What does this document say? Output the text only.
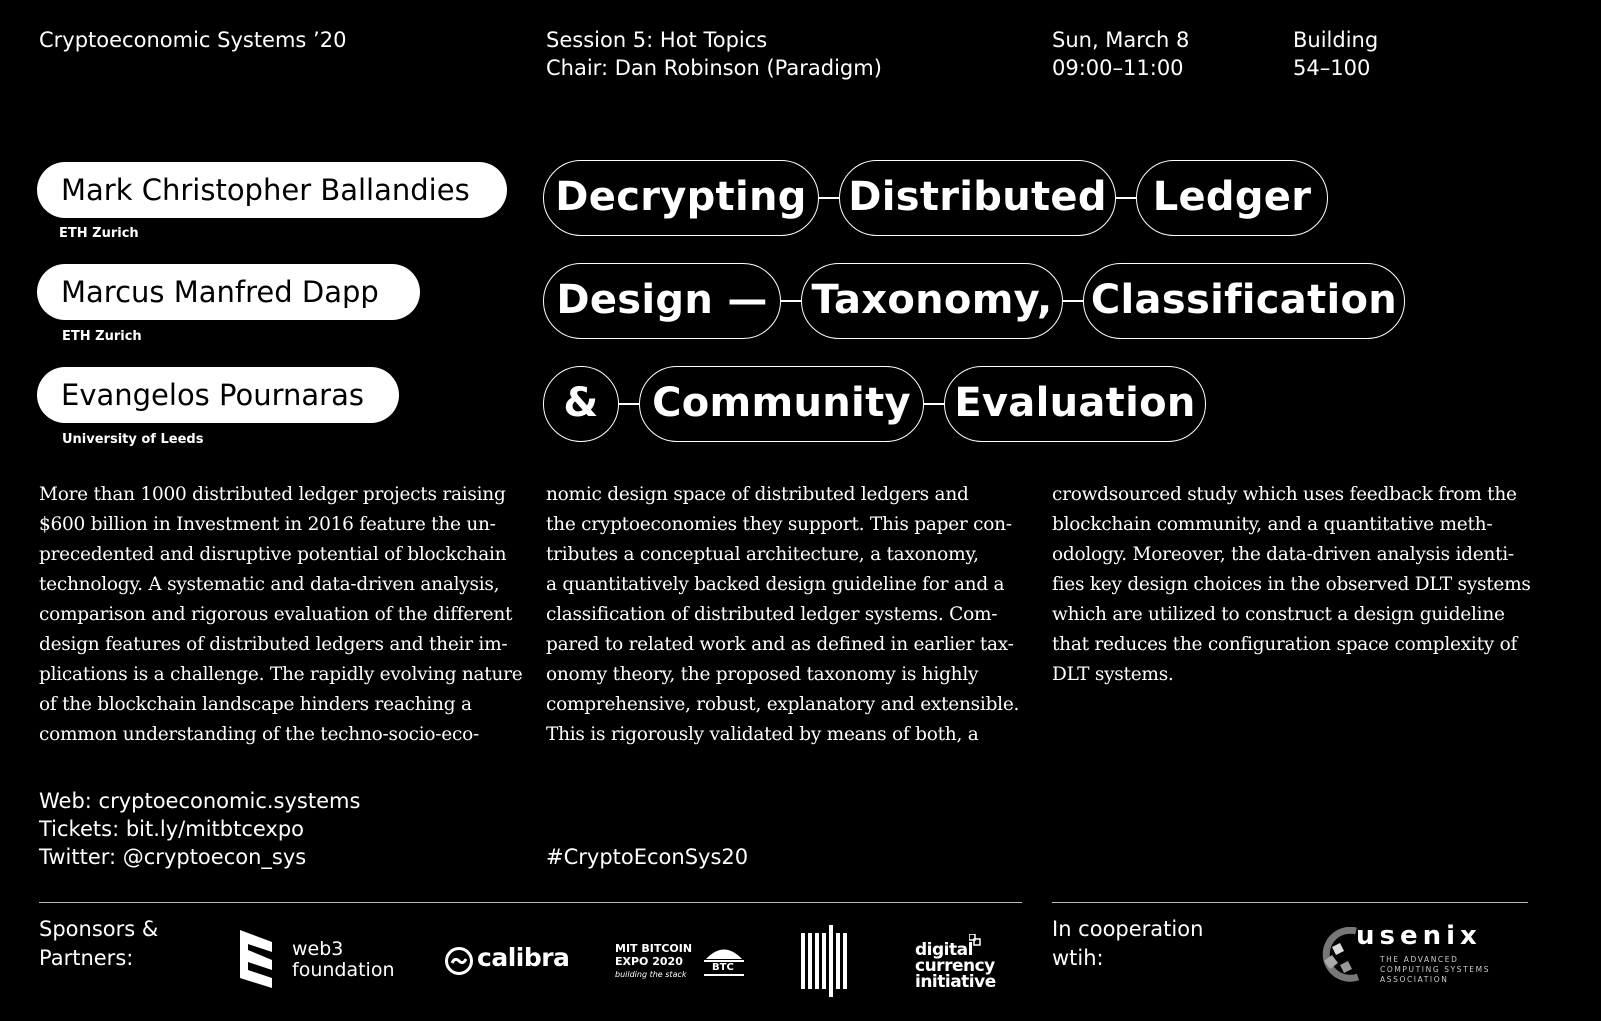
Cryptoeconomic Systems ’20	Session 5: Hot Topics
Chair: Dan Robinson (Paradigm)
Sun, March 8
09:00–11:00
Building
54–100
Mark Christopher Ballandies
ETH Zurich
Marcus Manfred Dapp
ETH Zurich
Evangelos Pournaras
University of Leeds
Decrypting	Distributed	Ledger
Design —	Taxonomy, Classification
&	Community	Evaluation
More than 1000 distributed ledger projects raising
$600 billion in Investment in 2016 feature the un-
precedented and disruptive potential of blockchain
technology. A systematic and data-driven analysis,
comparison and rigorous evaluation of the different
design features of distributed ledgers and their im-
plications is a challenge. The rapidly evolving nature
of the blockchain landscape hinders reaching a
common understanding of the techno-socio-eco-
nomic design space of distributed ledgers and
the cryptoeconomies they support. This paper con-
tributes a conceptual architecture, a taxonomy,
a quantitatively backed design guideline for and a
classification of distributed ledger systems. Com-
pared to related work and as defined in earlier tax-
onomy theory, the proposed taxonomy is highly
comprehensive, robust, explanatory and extensible.
This is rigorously validated by means of both, a
crowdsourced study which uses feedback from the
blockchain community, and a quantitative meth-
odology. Moreover, the data-driven analysis identi-
fies key design choices in the observed DLT systems
which are utilized to construct a design guideline
that reduces the configuration space complexity of
DLT systems.
Web: cryptoeconomic.systems
Tickets: bit.ly/mitbtcexpo
Twitter: @cryptoecon_sys	#CryptoEconSys20
Sponsors &
Partners:
In cooperation
wtih:
web3
foundation	calibra	MIT BITCOIN
EXPO 2020
building the stack
BTC
digital
currency
initiative
usenix
THE ADVANCED
COMPUTING SYSTEMS
ASSOCIATION
